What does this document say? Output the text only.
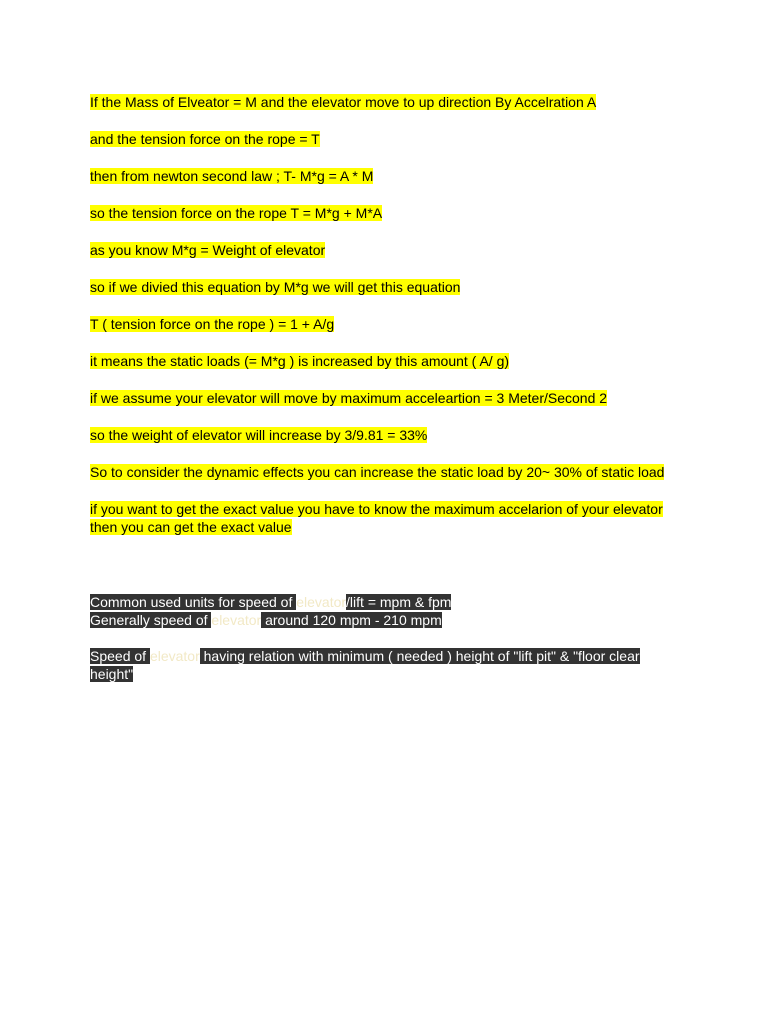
If the Mass of Elveator = M and the elevator move to up direction By Accelration A

and the tension force on the rope = T

then from newton second law ; T- M*g = A * M

so the tension force on the rope T = M*g + M*A

as you know M*g = Weight of elevator

so if we divied this equation by M*g we will get this equation

T ( tension force on the rope ) = 1 + A/g

it means the static loads (= M*g ) is increased by this amount ( A/ g)

if we assume your elevator will move by maximum acceleartion = 3 Meter/Second 2

so the weight of elevator will increase by 3/9.81 = 33%

So to consider the dynamic effects you can increase the static load by 20~ 30% of static load

if you want to get the exact value you have to know the maximum accelarion of your elevator then you can get the exact value

Common used units for speed of elevator/lift = mpm & fpm

Generally speed of elevator around 120 mpm - 210 mpm

Speed of elevator having relation with minimum ( needed ) height of "lift pit" & "floor clear height"
